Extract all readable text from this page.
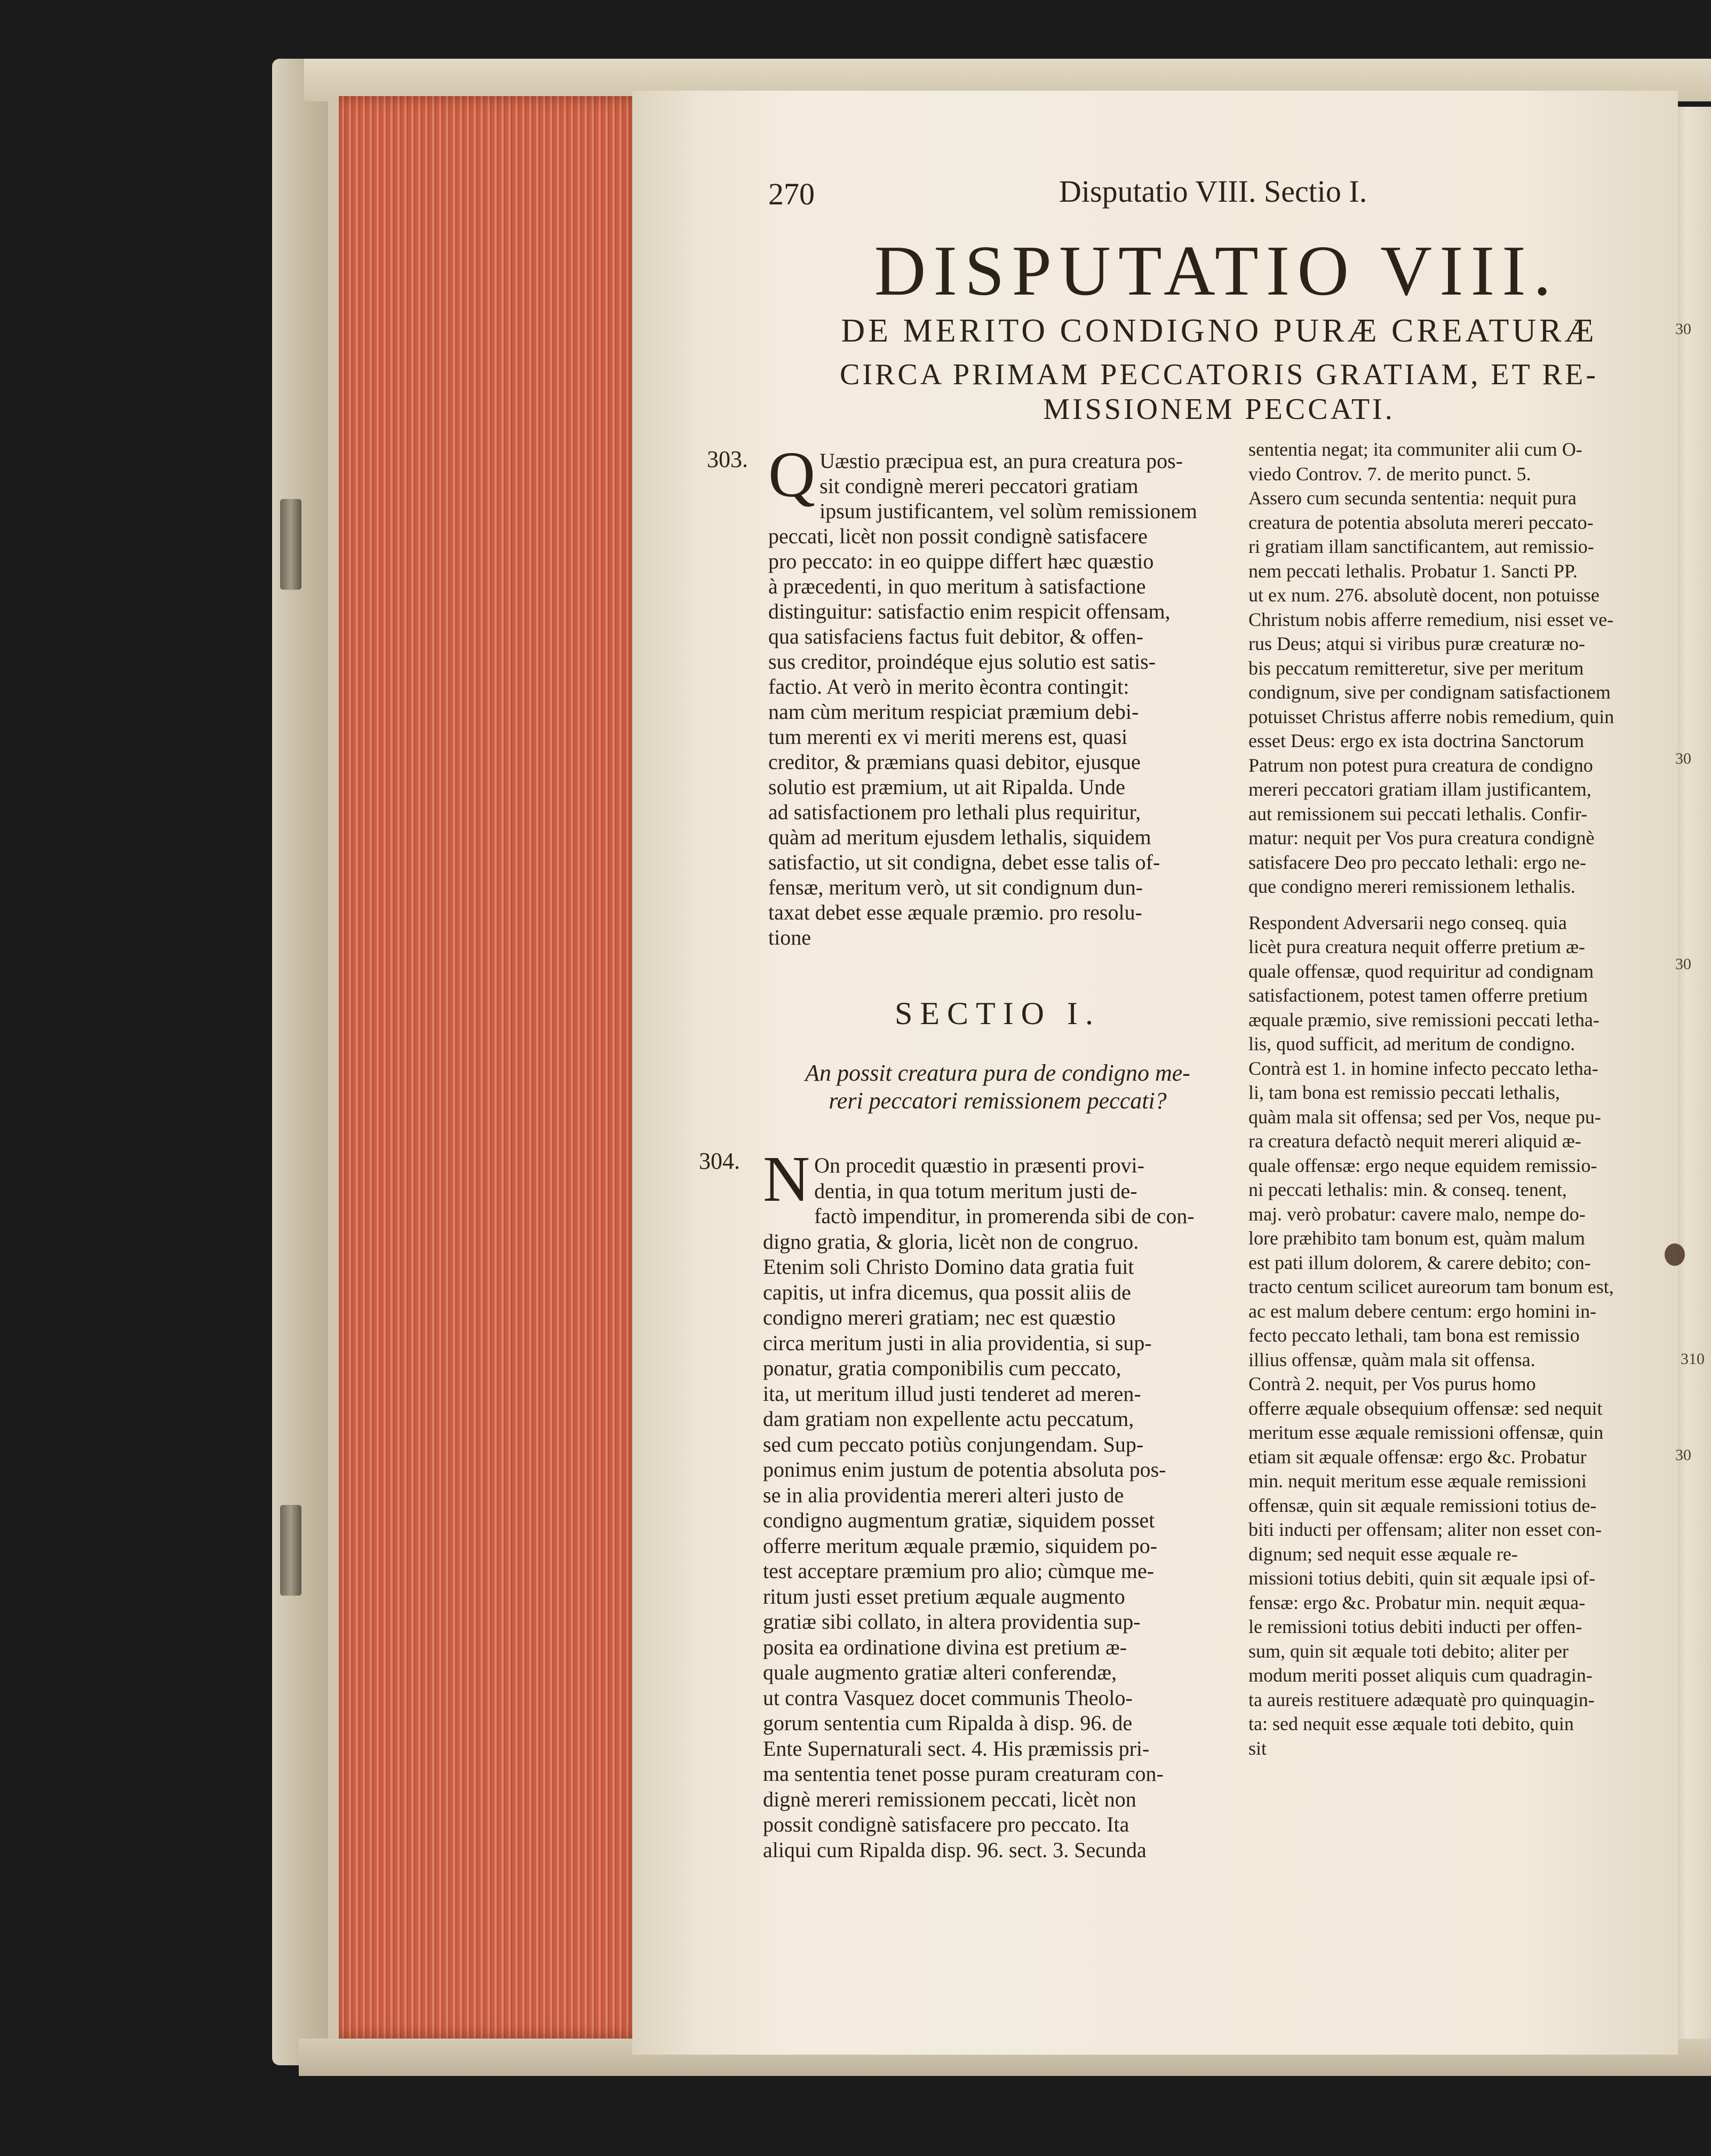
270	Disputatio VIII. Sectio I.
DISPUTATIO VIII.
DE MERITO CONDIGNO PURÆ CREATURÆ
CIRCA PRIMAM PECCATORIS GRATIAM, ET RE-
MISSIONEM PECCATI.
303.
304.
Q Uæstio præcipua est, an pura creatura pos-
sit condignè mereri peccatori gratiam
ipsum justificantem, vel solùm remissionem
peccati, licèt non possit condignè satisfacere
pro peccato: in eo quippe differt hæc quæstio
à præcedenti, in quo meritum à satisfactione
distinguitur: satisfactio enim respicit offensam,
qua satisfaciens factus fuit debitor, & offen-
sus creditor, proindéque ejus solutio est satis-
factio. At verò in merito ècontra contingit:
nam cùm meritum respiciat præmium debi-
tum merenti ex vi meriti merens est, quasi
creditor, & præmians quasi debitor, ejusque
solutio est præmium, ut ait Ripalda. Unde
ad satisfactionem pro lethali plus requiritur,
quàm ad meritum ejusdem lethalis, siquidem
satisfactio, ut sit condigna, debet esse talis of-
fensæ, meritum verò, ut sit condignum dun-
taxat debet esse æquale præmio. pro resolu-
tione
SECTIO I.
An possit creatura pura de condigno me-
reri peccatori remissionem peccati?
N On procedit quæstio in præsenti provi-
dentia, in qua totum meritum justi de-
factò impenditur, in promerenda sibi de con-
digno gratia, & gloria, licèt non de congruo.
Etenim soli Christo Domino data gratia fuit
capitis, ut infra dicemus, qua possit aliis de
condigno mereri gratiam; nec est quæstio
circa meritum justi in alia providentia, si sup-
ponatur, gratia componibilis cum peccato,
ita, ut meritum illud justi tenderet ad meren-
dam gratiam non expellente actu peccatum,
sed cum peccato potiùs conjungendam. Sup-
ponimus enim justum de potentia absoluta pos-
se in alia providentia mereri alteri justo de
condigno augmentum gratiæ, siquidem posset
offerre meritum æquale præmio, siquidem po-
test acceptare præmium pro alio; cùmque me-
ritum justi esset pretium æquale augmento
gratiæ sibi collato, in altera providentia sup-
posita ea ordinatione divina est pretium æ-
quale augmento gratiæ alteri conferendæ,
ut contra Vasquez docet communis Theolo-
gorum sententia cum Ripalda à disp. 96. de
Ente Supernaturali sect. 4. His præmissis pri-
ma sententia tenet posse puram creaturam con-
dignè mereri remissionem peccati, licèt non
possit condignè satisfacere pro peccato. Ita
aliqui cum Ripalda disp. 96. sect. 3. Secunda
sententia negat; ita communiter alii cum O-
viedo Controv. 7. de merito punct. 5.
Assero cum secunda sententia: nequit pura
creatura de potentia absoluta mereri peccato-
ri gratiam illam sanctificantem, aut remissio-
nem peccati lethalis. Probatur 1. Sancti PP.
ut ex num. 276. absolutè docent, non potuisse
Christum nobis afferre remedium, nisi esset ve-
rus Deus; atqui si viribus puræ creaturæ no-
bis peccatum remitteretur, sive per meritum
condignum, sive per condignam satisfactionem
potuisset Christus afferre nobis remedium, quin
esset Deus: ergo ex ista doctrina Sanctorum
Patrum non potest pura creatura de condigno
mereri peccatori gratiam illam justificantem,
aut remissionem sui peccati lethalis. Confir-
matur: nequit per Vos pura creatura condignè
satisfacere Deo pro peccato lethali: ergo ne-
que condigno mereri remissionem lethalis.
Respondent Adversarii nego conseq. quia
licèt pura creatura nequit offerre pretium æ-
quale offensæ, quod requiritur ad condignam
satisfactionem, potest tamen offerre pretium
æquale præmio, sive remissioni peccati letha-
lis, quod sufficit, ad meritum de condigno.
Contrà est 1. in homine infecto peccato letha-
li, tam bona est remissio peccati lethalis,
quàm mala sit offensa; sed per Vos, neque pu-
ra creatura defactò nequit mereri aliquid æ-
quale offensæ: ergo neque equidem remissio-
ni peccati lethalis: min. & conseq. tenent,
maj. verò probatur: cavere malo, nempe do-
lore præhibito tam bonum est, quàm malum
est pati illum dolorem, & carere debito; con-
tracto centum scilicet aureorum tam bonum est,
ac est malum debere centum: ergo homini in-
fecto peccato lethali, tam bona est remissio
illius offensæ, quàm mala sit offensa.
Contrà 2. nequit, per Vos purus homo
offerre æquale obsequium offensæ: sed nequit
meritum esse æquale remissioni offensæ, quin
etiam sit æquale offensæ: ergo &c. Probatur
min. nequit meritum esse æquale remissioni
offensæ, quin sit æquale remissioni totius de-
biti inducti per offensam; aliter non esset con-
dignum; sed nequit esse æquale re-
missioni totius debiti, quin sit æquale ipsi of-
fensæ: ergo &c. Probatur min. nequit æqua-
le remissioni totius debiti inducti per offen-
sum, quin sit æquale toti debito; aliter per
modum meriti posset aliquis cum quadragin-
ta aureis restituere adæquatè pro quinquagin-
ta: sed nequit esse æquale toti debito, quin
sit
30
30
30
310
30
